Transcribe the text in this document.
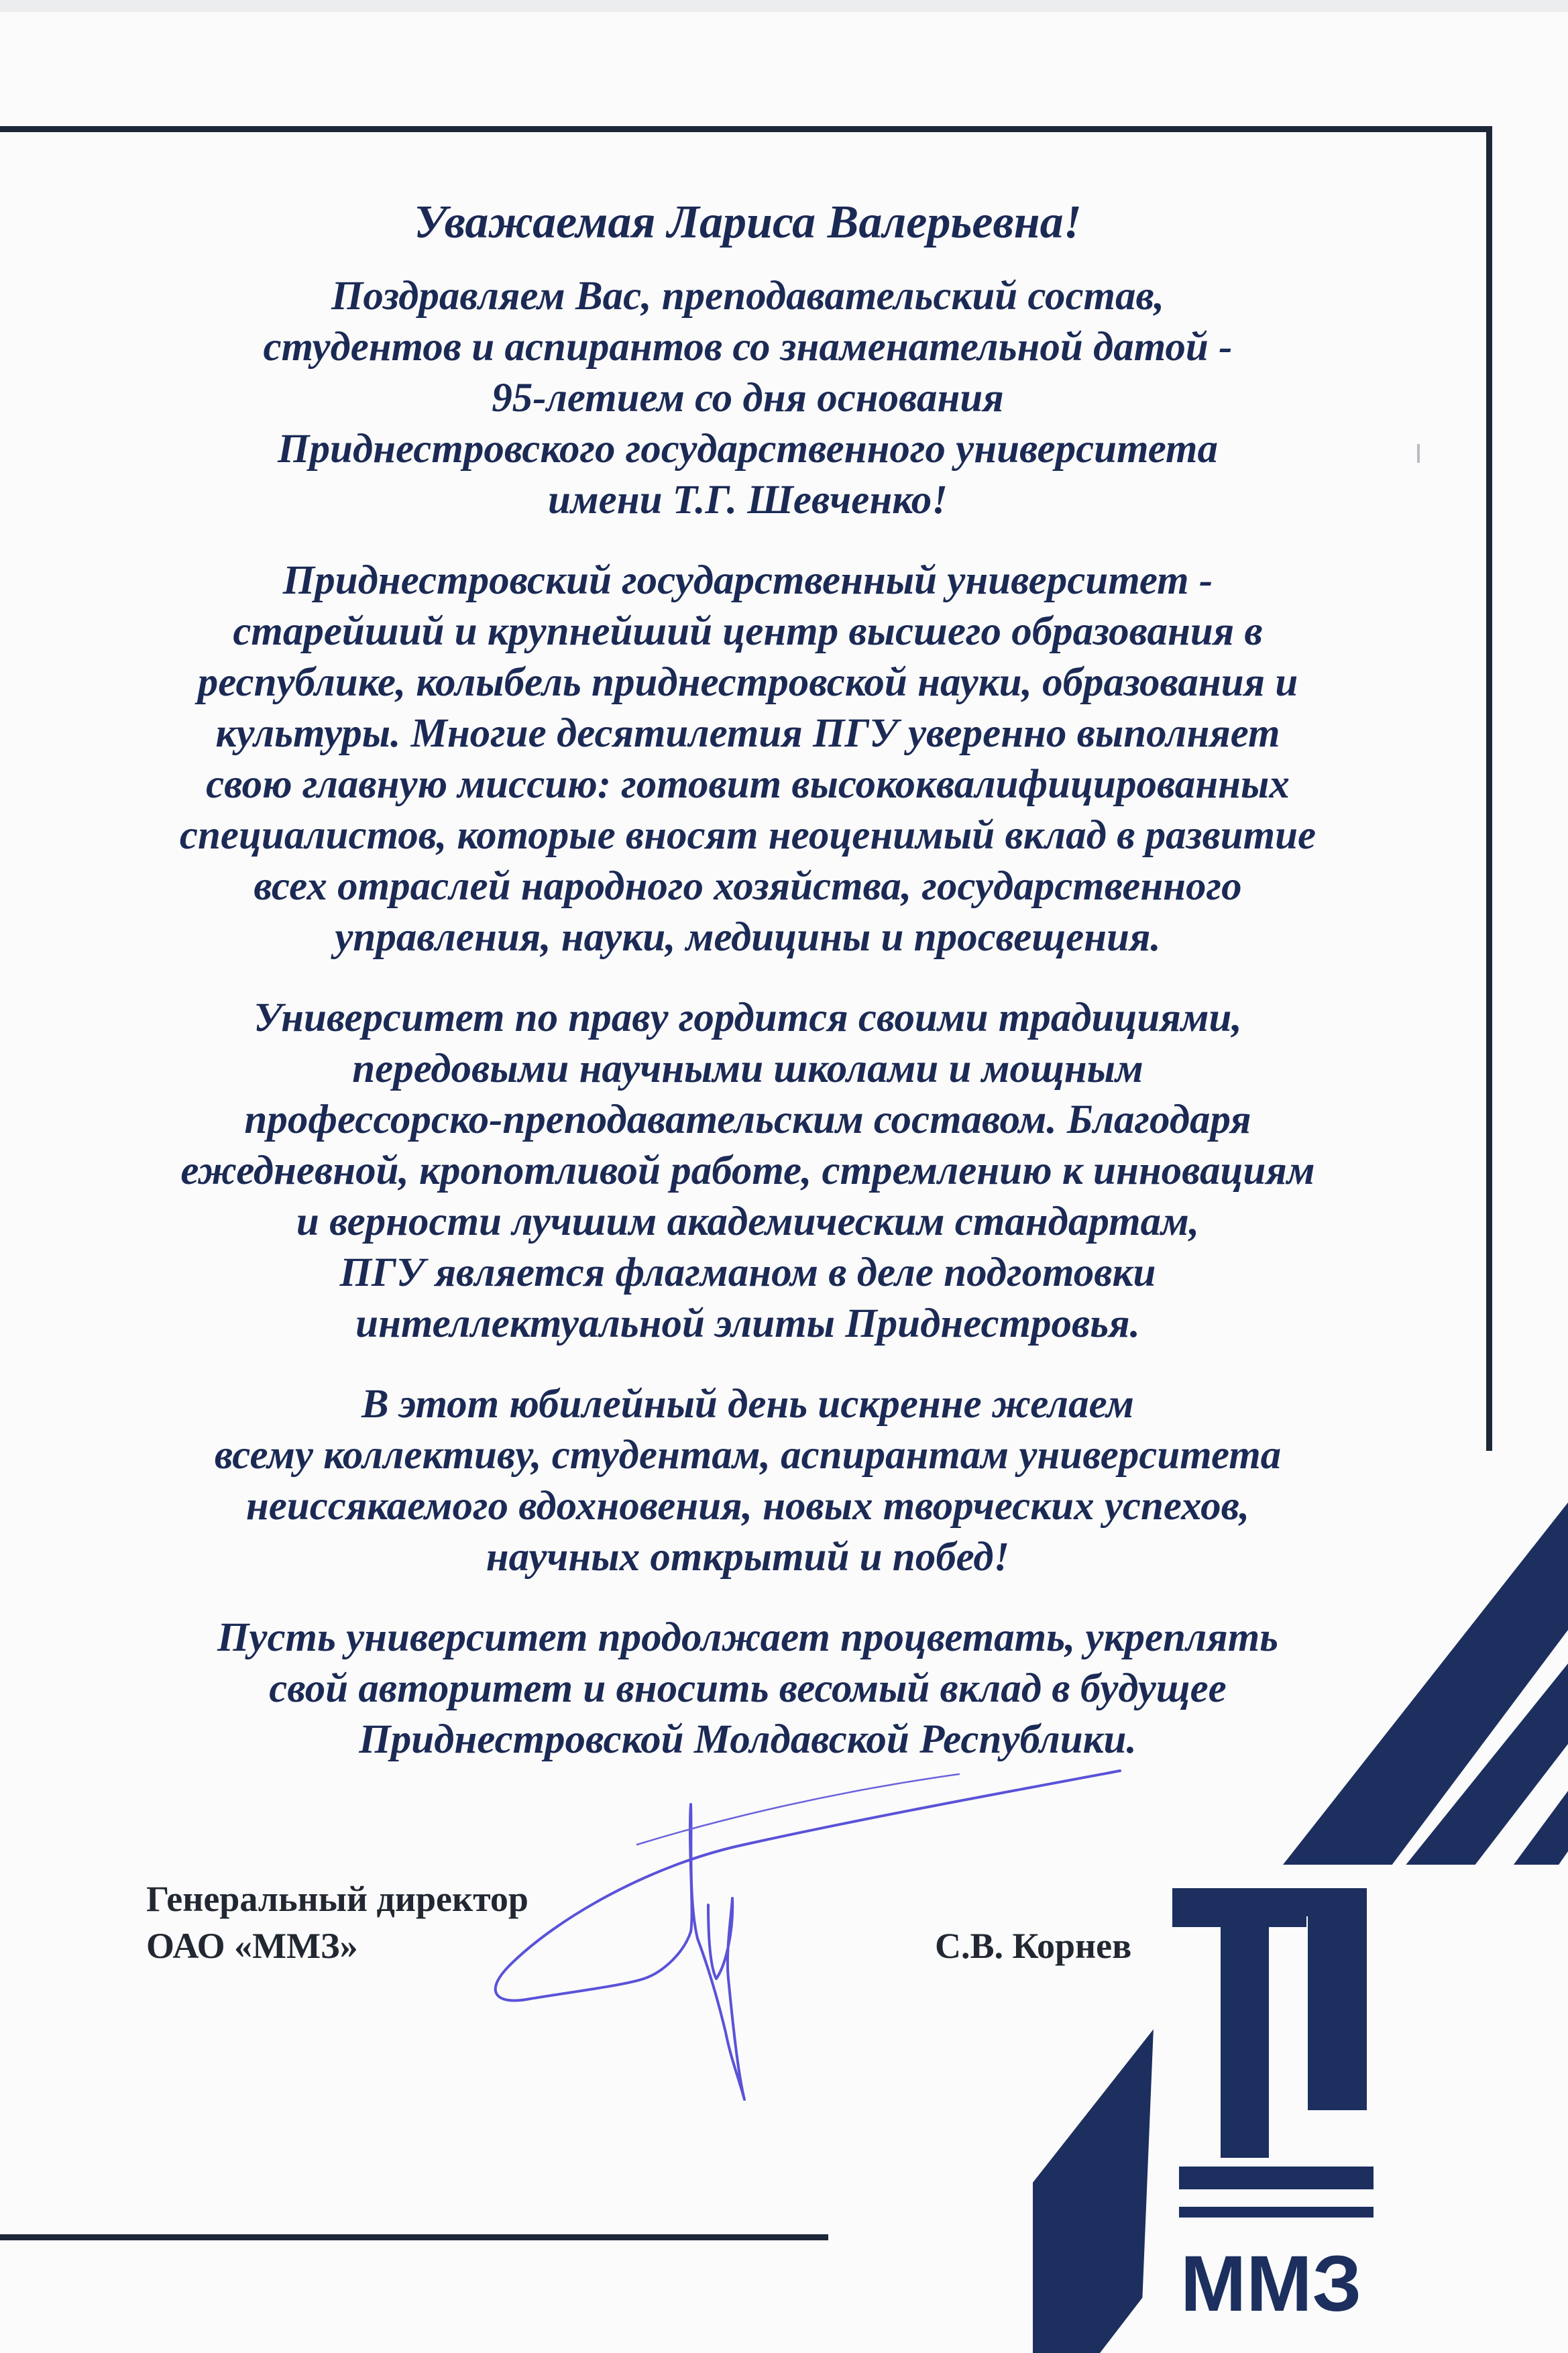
Уважаемая Лариса Валерьевна!
Поздравляем Вас, преподавательский состав,
студентов и аспирантов со знаменательной датой -
95-летием со дня основания
Приднестровского государственного университета
имени Т.Г. Шевченко!
Приднестровский государственный университет -
старейший и крупнейший центр высшего образования в
республике, колыбель приднестровской науки, образования и
культуры. Многие десятилетия ПГУ уверенно выполняет
свою главную миссию: готовит высококвалифицированных
специалистов, которые вносят неоценимый вклад в развитие
всех отраслей народного хозяйства, государственного
управления, науки, медицины и просвещения.
Университет по праву гордится своими традициями,
передовыми научными школами и мощным
профессорско-преподавательским составом. Благодаря
ежедневной, кропотливой работе, стремлению к инновациям
и верности лучшим академическим стандартам,
ПГУ является флагманом в деле подготовки
интеллектуальной элиты Приднестровья.
В этот юбилейный день искренне желаем
всему коллективу, студентам, аспирантам университета
неиссякаемого вдохновения, новых творческих успехов,
научных открытий и побед!
Пусть университет продолжает процветать, укреплять
свой авторитет и вносить весомый вклад в будущее
Приднестровской Молдавской Республики.
Генеральный директор
ОАО «ММЗ»	С.В. Корнев
ММЗ
